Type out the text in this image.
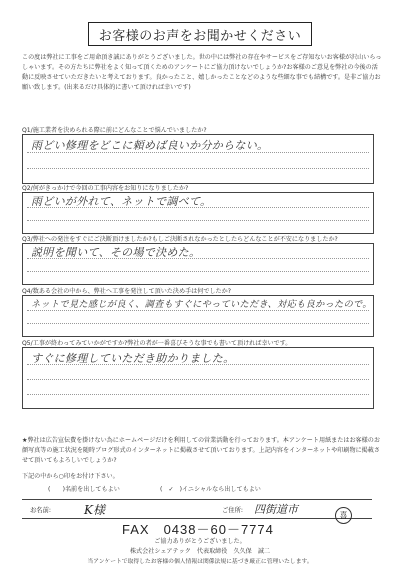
お客様のお声をお聞かせください
この度は弊社に工事をご用命頂き誠にありがとうございました。世の中には弊社の存在やサービスをご存知ないお客様が沢山いらっしゃいます。その方たちに弊社をよく知って頂くためのアンケートにご協力頂けないでしょうか?お客様のご意見を弊社の今後の活動に反映させていただきたいと考えております。良かったこと、嬉しかったことなどのような些細な事でも結構です。是非ご協力お願い致します。(出来るだけ具体的に書いて頂ければ幸いです)
Q1/施工業者を決められる際に前にどんなことで悩んでいましたか?
雨どい修理をどこに頼めば良いか分からない。
Q2/何がきっかけで今回の工事内容をお知りになりましたか?
雨どいが外れて、ネットで調べて。
Q3/弊社への発注をすぐにご決断頂けましたか?もしご決断されなかったとしたらどんなことが不安になりましたか?
説明を聞いて、その場で決めた。
Q4/数ある会社の中から、弊社へ工事を発注して頂いた決め手は何でしたか?
ネットで見た感じが良く、調査もすぐにやっていただき、対応も良かったので。
Q5/工事が終わってみていかがですか?弊社の者が一番喜びそうな事でも書いて頂ければ幸いです。
すぐに修理していただき助かりました。
★弊社は広告宣伝費を掛けない為にホームページだけを利用しての営業活動を行っております。本アンケート用紙またはお客様のお顔写真等の施工状況を随時ブログ形式のインターネットに掲載させて頂いております。上記内容をインターネットや印刷物に掲載させて頂いてもよろしいでしょうか?
下記の中から○印をお付け下さい。
(　　)名前を出してもよい	(　✓　)イニシャルなら出してもよい
お名前:	K様	ご住所: 四街道市	喜
FAX　0438－60－7774
ご協力ありがとうございました。
株式会社シェアテック　代表取締役　久久保　誠二
当アンケートで取得したお客様の個人情報は関係法規に基づき厳正に管理いたします。
